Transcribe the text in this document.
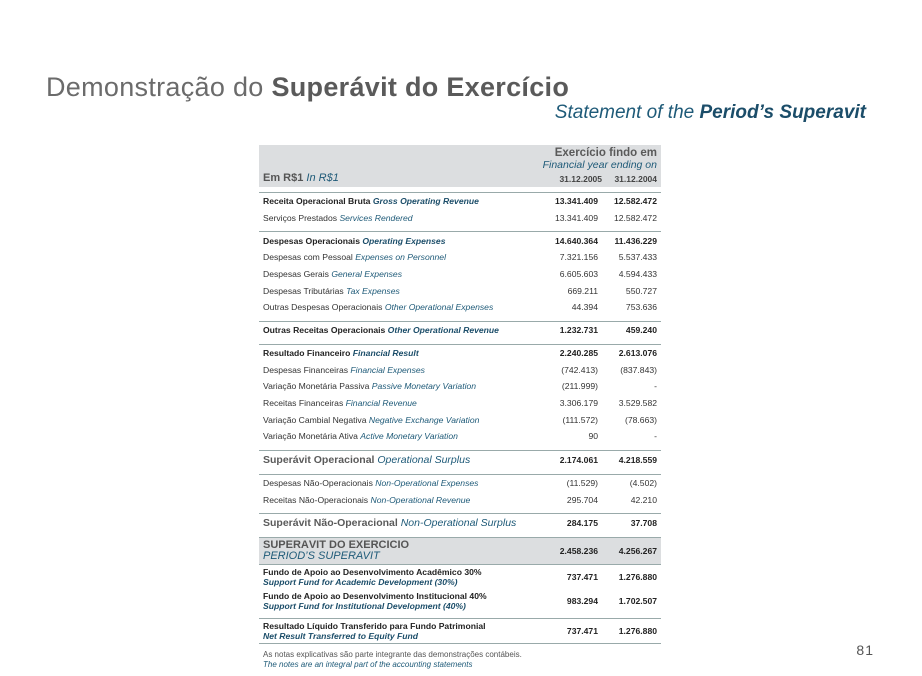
Demonstração do Superávit do Exercício
Statement of the Period’s Superavit
Exercício findo em
Financial year ending on
Em R$1 In R$1	31.12.2005 31.12.2004
Receita Operacional Bruta Gross Operating Revenue	13.341.409	12.582.472
Serviços Prestados Services Rendered	13.341.409	12.582.472
Despesas Operacionais Operating Expenses	14.640.364	11.436.229
Despesas com Pessoal Expenses on Personnel	7.321.156	5.537.433
Despesas Gerais General Expenses	6.605.603	4.594.433
Despesas Tributárias Tax Expenses	669.211	550.727
Outras Despesas Operacionais Other Operational Expenses	44.394	753.636
Outras Receitas Operacionais Other Operational Revenue	1.232.731	459.240
Resultado Financeiro Financial Result	2.240.285	2.613.076
Despesas Financeiras Financial Expenses	(742.413)	(837.843)
Variação Monetária Passiva Passive Monetary Variation	(211.999)	-
Receitas Financeiras Financial Revenue	3.306.179	3.529.582
Variação Cambial Negativa Negative Exchange Variation	(111.572)	(78.663)
Variação Monetária Ativa Active Monetary Variation	90	-
Superávit Operacional Operational Surplus	2.174.061	4.218.559
Despesas Não-Operacionais Non-Operational Expenses	(11.529)	(4.502)
Receitas Não-Operacionais Non-Operational Revenue	295.704	42.210
Superávit Não-Operacional Non-Operational Surplus	284.175	37.708
SUPERÁVIT DO EXERCÍCIO
PERIOD’S SUPERAVIT	2.458.236	4.256.267
Fundo de Apoio ao Desenvolvimento Acadêmico 30%
Support Fund for Academic Development (30%)	737.471	1.276.880
Fundo de Apoio ao Desenvolvimento Institucional 40%
Support Fund for Institutional Development (40%)	983.294	1.702.507
Resultado Líquido Transferido para Fundo Patrimonial
Net Result Transferred to Equity Fund	737.471	1.276.880
As notas explicativas são parte integrante das demonstrações contábeis.
The notes are an integral part of the accounting statements
81
